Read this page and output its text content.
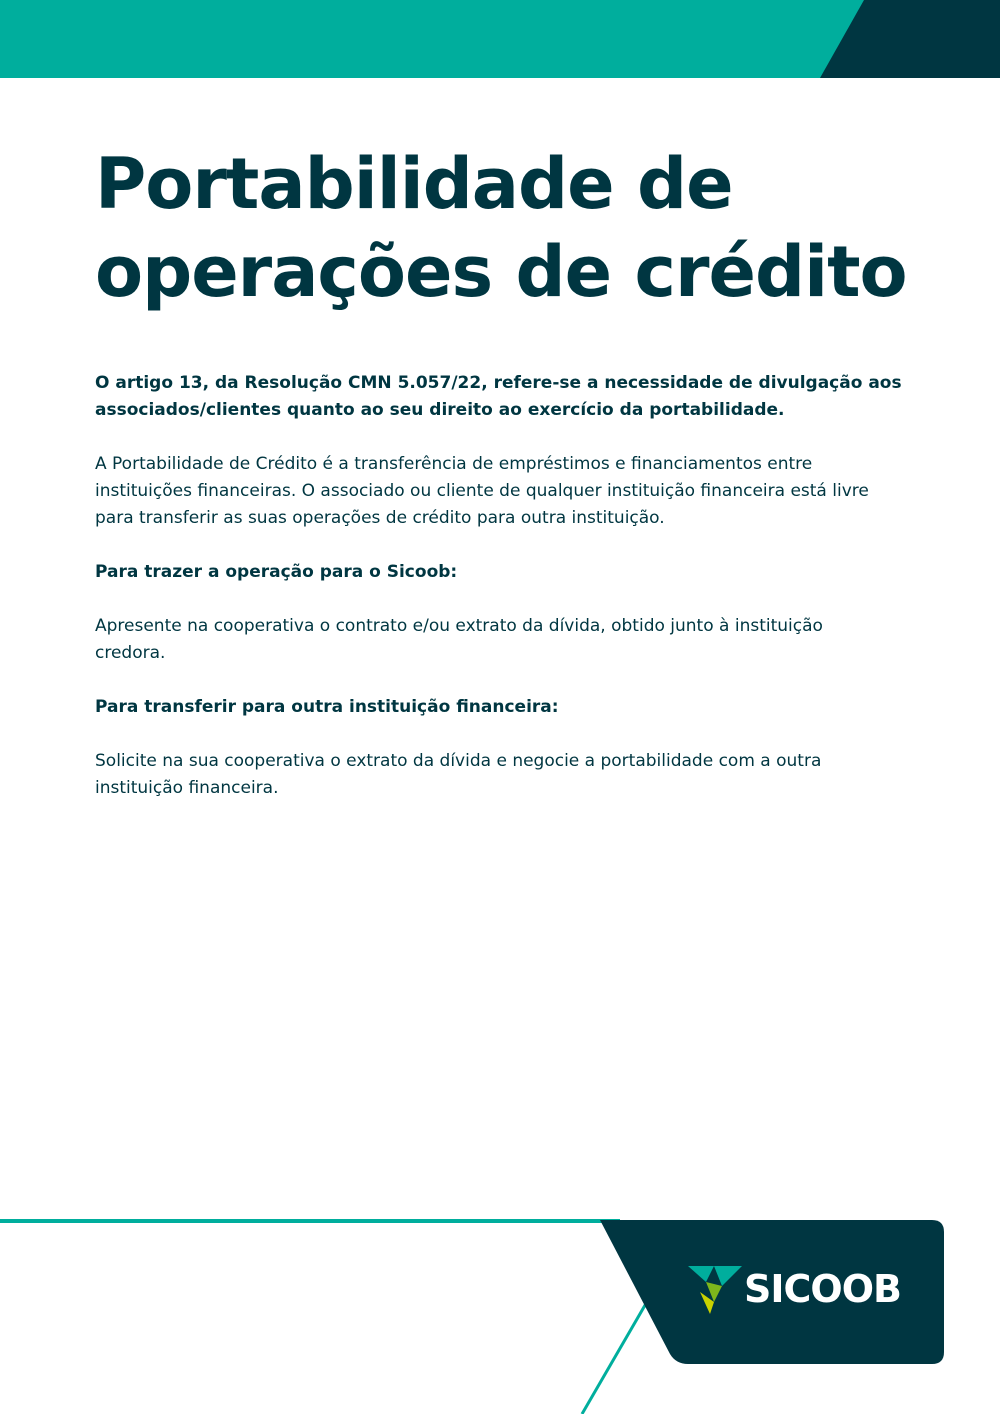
Portabilidade de
operações de crédito

O artigo 13, da Resolução CMN 5.057/22, refere-se a necessidade de divulgação aos

associados/clientes quanto ao seu direito ao exercício da portabilidade.

A Portabilidade de Crédito é a transferência de empréstimos e financiamentos entre

instituições financeiras. O associado ou cliente de qualquer instituição financeira está livre

para transferir as suas operações de crédito para outra instituição.

Para trazer a operação para o Sicoob:

Apresente na cooperativa o contrato e/ou extrato da dívida, obtido junto à instituição

credora.

Para transferir para outra instituição financeira:

Solicite na sua cooperativa o extrato da dívida e negocie a portabilidade com a outra

instituição financeira.

SICOOB
